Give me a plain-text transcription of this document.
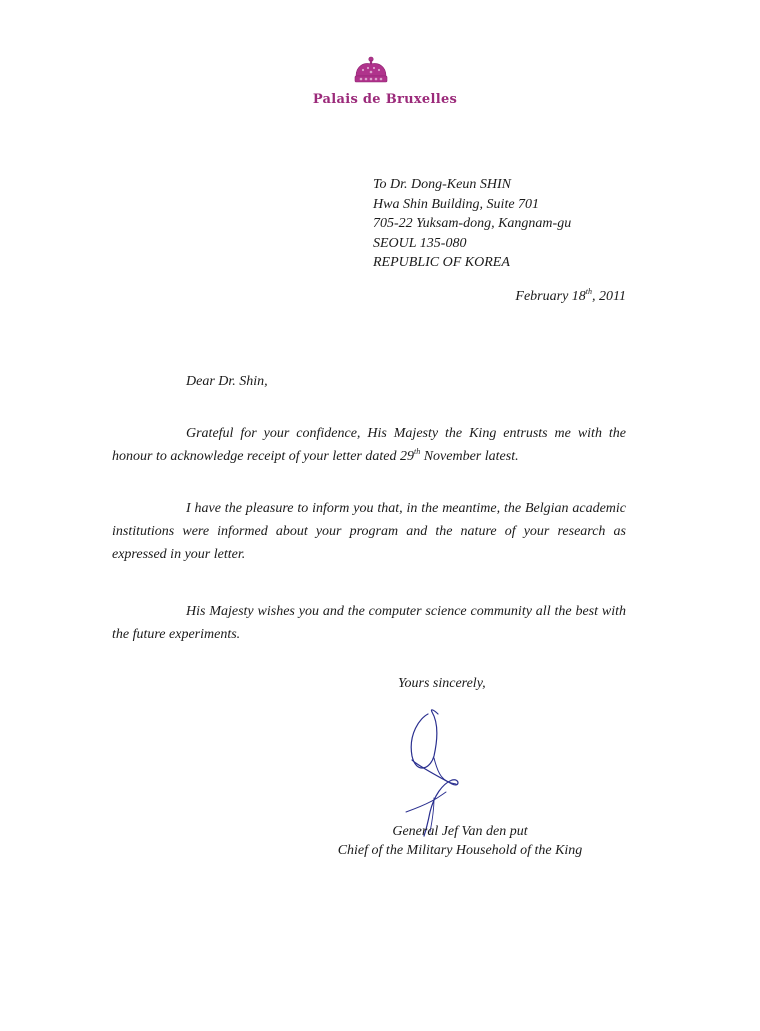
Palais de Bruxelles
To Dr. Dong-Keun SHIN
Hwa Shin Building, Suite 701
705-22 Yuksam-dong, Kangnam-gu
SEOUL 135-080
REPUBLIC OF KOREA
February 18th, 2011
Dear Dr. Shin,
Grateful for your confidence, His Majesty the King entrusts me with the honour to acknowledge receipt of your letter dated 29th November latest.
I have the pleasure to inform you that, in the meantime, the Belgian academic institutions were informed about your program and the nature of your research as expressed in your letter.
His Majesty wishes you and the computer science community all the best with the future experiments.
Yours sincerely,
General Jef Van den put
Chief of the Military Household of the King
